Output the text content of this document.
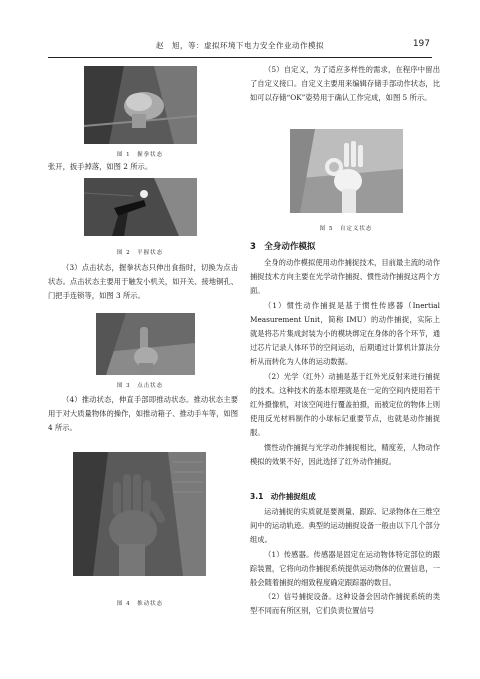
赵　旭，等：虚拟环境下电力安全作业动作模拟	197
图 1　握拳状态

张开，扳手掉落，如图 2 所示。

图 2　平握状态

（3）点击状态，握拳状态只伸出食指时，切换为点击状态。点击状态主要用于触发小机关，如开关、接地铜孔、门把手连锁等，如图 3 所示。

图 3　点击状态

（4）推动状态，伸直手部即推动状态。推动状态主要用于对大质量物体的操作，如推动箱子、推动手车等，如图 4 所示。

图 4　推动状态

（5）自定义，为了适应多样性的需求，在程序中留出了自定义接口。自定义主要用来编辑存储手部动作状态，比如可以存储“OK”姿势用于确认工作完成，如图 5 所示。

图 5　自定义状态
3　全身动作模拟

全身的动作模拟使用动作捕捉技术，目前最主流的动作捕捉技术方向主要在光学动作捕捉、惯性动作捕捉这两个方面。

（1）惯性动作捕捉是基于惯性传感器（Inertial Measurement Unit，简称 IMU）的动作捕捉，实际上就是将芯片集成封装为小的模块绑定在身体的各个环节，通过芯片记录人体环节的空间运动，后期通过计算机计算法分析从而转化为人体的运动数据。

（2）光学（红外）动捕是基于红外光反射来进行捕捉的技术。这种技术的基本原理就是在一定的空间内使用若干红外摄像机，对该空间进行覆盖拍摄，而被定位的物体上则使用反光材料制作的小球标记重要节点，也就是动作捕捉服。

惯性动作捕捉与光学动作捕捉相比，精度差，人物动作模拟的效果不好，因此选择了红外动作捕捉。

3.1　动作捕捉组成

运动捕捉的实质就是要测量、跟踪、记录物体在三维空间中的运动轨迹。典型的运动捕捉设备一般由以下几个部分组成。

（1）传感器。传感器是固定在运动物体特定部位的跟踪装置，它将向动作捕捉系统提供运动物体的位置信息，一般会随着捕捉的细致程度确定跟踪器的数目。

（2）信号捕捉设备。这种设备会因动作捕捉系统的类型不同而有所区别，它们负责位置信号
